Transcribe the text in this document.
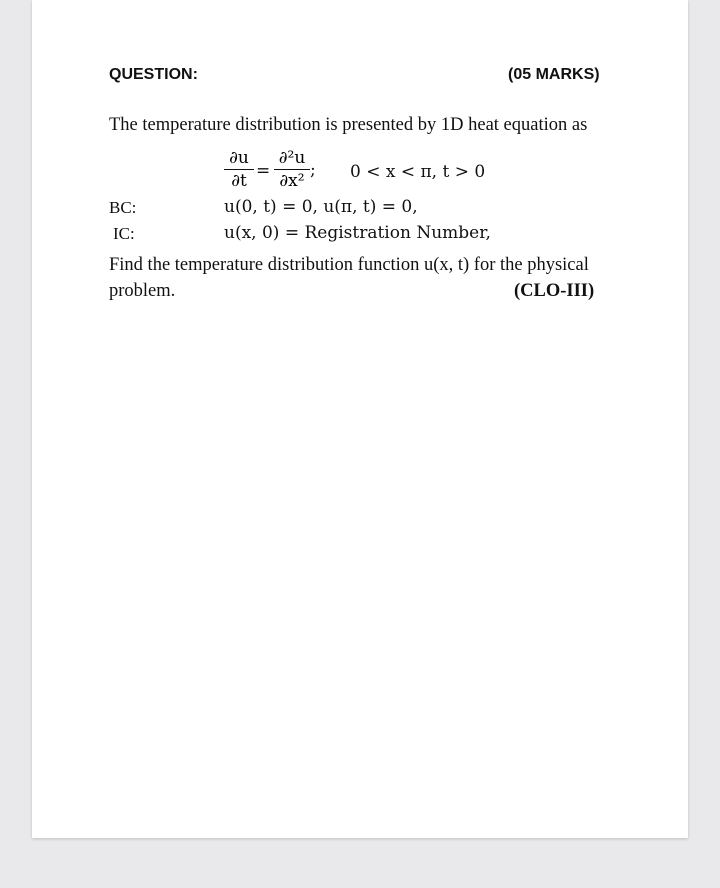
QUESTION:	(05 MARKS)
The temperature distribution is presented by 1D heat equation as
∂u
∂t =
∂²u
∂x²
; 0 < x < π, t > 0
BC:	u(0, t) = 0, u(π, t) = 0,
IC:	u(x, 0) = Registration Number,
Find the temperature distribution function u(x, t) for the physical
problem.	(CLO-III)
